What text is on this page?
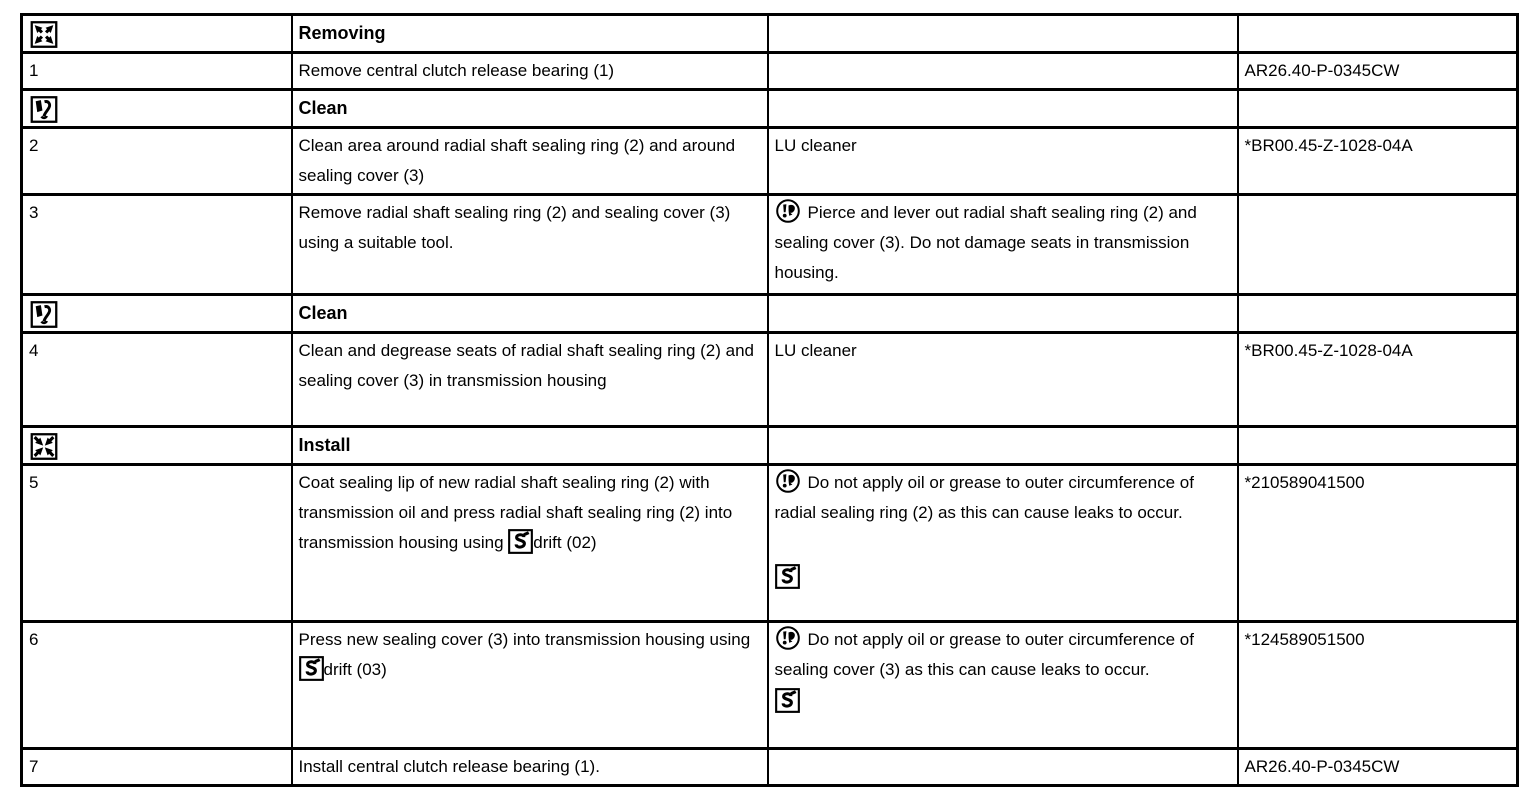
	Removing		
1	Remove central clutch release bearing (1)		AR26.40-P-0345CW

	Clean		
2	Clean area around radial shaft sealing ring (2) and around sealing cover (3)	LU cleaner	*BR00.45-Z-1028-04A
3	Remove radial shaft sealing ring (2) and sealing cover (3) using a suitable tool.	Pierce and lever out radial shaft sealing ring (2) and sealing cover (3). Do not damage seats in transmission housing.	

	Clean		
4	Clean and degrease seats of radial shaft sealing ring (2) and sealing cover (3) in transmission housing	LU cleaner	*BR00.45-Z-1028-04A

	Install		
5	Coat sealing lip of new radial shaft sealing ring (2) with transmission oil and press radial shaft sealing ring (2) into transmission housing using
drift (02)	Do not apply oil or grease to outer circumference of radial sealing ring (2) as this can cause leaks to occur.	*210589041500
6	Press new sealing cover (3) into transmission housing using
drift (03)	Do not apply oil or grease to outer circumference of sealing cover (3) as this can cause leaks to occur.	*124589051500
7	Install central clutch release bearing (1).		AR26.40-P-0345CW
